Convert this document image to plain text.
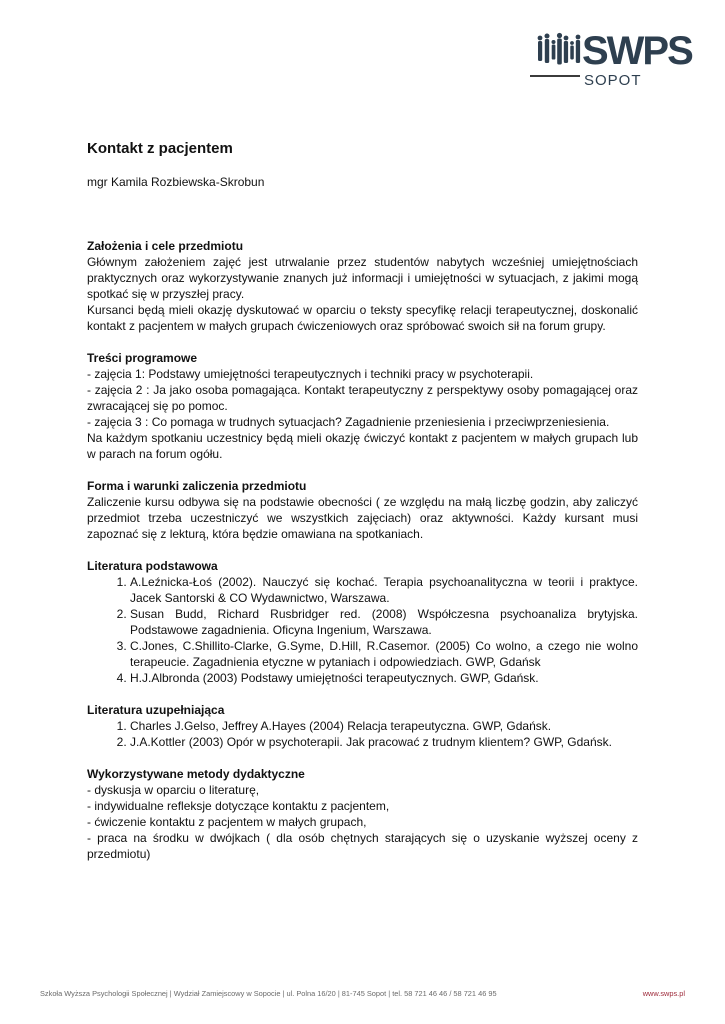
SWPS
SOPOT
Kontakt z pacjentem
mgr Kamila Rozbiewska-Skrobun
Założenia i cele przedmiotu

Głównym założeniem zajęć jest utrwalanie przez studentów nabytych wcześniej umiejętnościach praktycznych oraz wykorzystywanie znanych już informacji i umiejętności w sytuacjach, z jakimi mogą spotkać się w przyszłej pracy.

Kursanci będą mieli okazję dyskutować w oparciu o teksty specyfikę relacji terapeutycznej, doskonalić kontakt z pacjentem w małych grupach ćwiczeniowych oraz spróbować swoich sił na forum grupy.

Treści programowe

- zajęcia 1: Podstawy umiejętności terapeutycznych i techniki pracy w psychoterapii.

- zajęcia 2 : Ja jako osoba pomagająca. Kontakt terapeutyczny z perspektywy osoby pomagającej oraz zwracającej się po pomoc.

- zajęcia 3 : Co pomaga w trudnych sytuacjach? Zagadnienie przeniesienia i przeciwprzeniesienia.

Na każdym spotkaniu uczestnicy będą mieli okazję ćwiczyć kontakt z pacjentem w małych grupach lub w parach na forum ogółu.

Forma i warunki zaliczenia przedmiotu

Zaliczenie kursu odbywa się na podstawie obecności ( ze względu na małą liczbę godzin, aby zaliczyć przedmiot trzeba uczestniczyć we wszystkich zajęciach) oraz aktywności. Każdy kursant musi zapoznać się z lekturą, która będzie omawiana na spotkaniach.

Literatura podstawowa
1. A.Leźnicka-Łoś (2002). Nauczyć się kochać. Terapia psychoanalityczna w teorii i praktyce. Jacek Santorski & CO Wydawnictwo, Warszawa.
2. Susan Budd, Richard Rusbridger red. (2008) Współczesna psychoanaliza brytyjska. Podstawowe zagadnienia. Oficyna Ingenium, Warszawa.
3. C.Jones, C.Shillito-Clarke, G.Syme, D.Hill, R.Casemor. (2005) Co wolno, a czego nie wolno terapeucie. Zagadnienia etyczne w pytaniach i odpowiedziach. GWP, Gdańsk
4. H.J.Albronda (2003) Podstawy umiejętności terapeutycznych. GWP, Gdańsk.
Literatura uzupełniająca
1. Charles J.Gelso, Jeffrey A.Hayes (2004) Relacja terapeutyczna. GWP, Gdańsk.
2. J.A.Kottler (2003) Opór w psychoterapii. Jak pracować z trudnym klientem? GWP, Gdańsk.
Wykorzystywane metody dydaktyczne

- dyskusja w oparciu o literaturę,

- indywidualne refleksje dotyczące kontaktu z pacjentem,

- ćwiczenie kontaktu z pacjentem w małych grupach,

- praca na środku w dwójkach ( dla osób chętnych starających się o uzyskanie wyższej oceny z przedmiotu)

Szkoła Wyższa Psychologii Społecznej | Wydział Zamiejscowy w Sopocie | ul. Polna 16/20 | 81-745 Sopot | tel. 58 721 46 46 / 58 721 46 95	www.swps.pl
